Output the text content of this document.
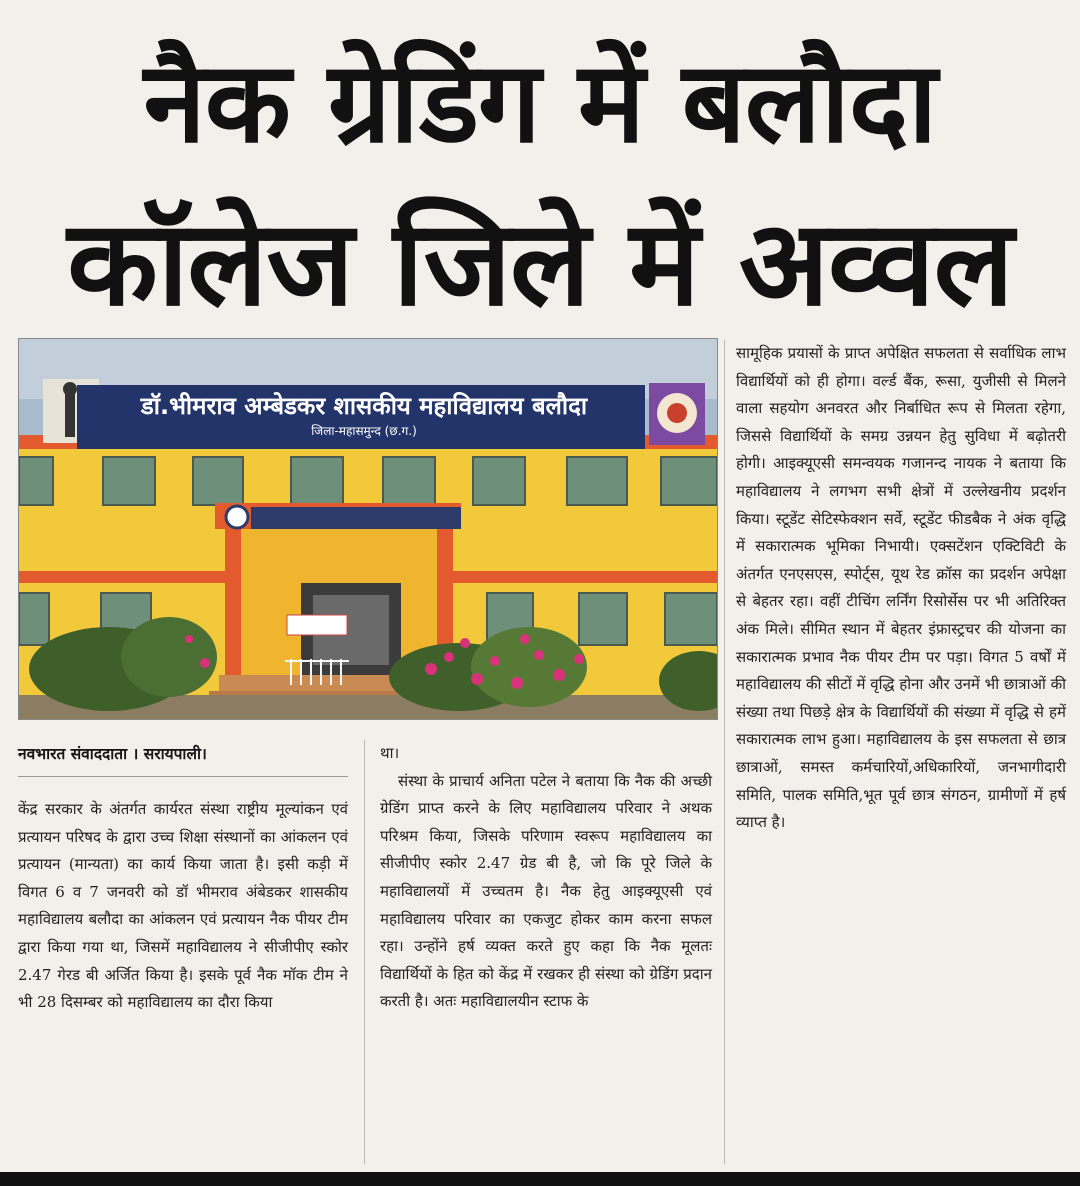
नैक ग्रेडिंग में बलौदा
कॉलेज जिले में अव्वल
डॉ.भीमराव अम्बेडकर शासकीय महाविद्यालय बलौदा
जिला-महासमुन्द (छ.ग.)

सामूहिक प्रयासों के प्राप्त अपेक्षित सफलता से सर्वाधिक लाभ विद्यार्थियों को ही होगा। वर्ल्ड बैंक, रूसा, युजीसी से मिलने वाला सहयोग अनवरत और निर्बाधित रूप से मिलता रहेगा, जिससे विद्यार्थियों के समग्र उन्नयन हेतु सुविधा में बढ़ोतरी होगी। आइक्यूएसी समन्वयक गजानन्द नायक ने बताया कि महाविद्यालय ने लगभग सभी क्षेत्रों में उल्लेखनीय प्रदर्शन किया। स्टूडेंट सेटिस्फेक्शन सर्वे, स्टूडेंट फीडबैक ने अंक वृद्धि में सकारात्मक भूमिका निभायी। एक्सटेंशन एक्टिविटी के अंतर्गत एनएसएस, स्पोर्ट्स, यूथ रेड क्रॉस का प्रदर्शन अपेक्षा से बेहतर रहा। वहीं टीचिंग लर्निंग रिसोर्सेस पर भी अतिरिक्त अंक मिले। सीमित स्थान में बेहतर इंफ्रास्ट्रचर की योजना का सकारात्मक प्रभाव नैक पीयर टीम पर पड़ा। विगत 5 वर्षों में महाविद्यालय की सीटों में वृद्धि होना और उनमें भी छात्राओं की संख्या तथा पिछड़े क्षेत्र के विद्यार्थियों की संख्या में वृद्धि से हमें सकारात्मक लाभ हुआ। महाविद्यालय के इस सफलता से छात्र छात्राओं, समस्त कर्मचारियों,अधिकारियों, जनभागीदारी समिति, पालक समिति,भूत पूर्व छात्र संगठन, ग्रामीणों में हर्ष व्याप्त है।

नवभारत संवाददाता । सरायपाली।

केंद्र सरकार के अंतर्गत कार्यरत संस्था राष्ट्रीय मूल्यांकन एवं प्रत्यायन परिषद के द्वारा उच्च शिक्षा संस्थानों का आंकलन एवं प्रत्यायन (मान्यता) का कार्य किया जाता है। इसी कड़ी में विगत 6 व 7 जनवरी को डॉ भीमराव अंबेडकर शासकीय महाविद्यालय बलौदा का आंकलन एवं प्रत्यायन नैक पीयर टीम द्वारा किया गया था, जिसमें महाविद्यालय ने सीजीपीए स्कोर 2.47 गेरड बी अर्जित किया है। इसके पूर्व नैक मॉक टीम ने भी 28 दिसम्बर को महाविद्यालय का दौरा किया

था।

संस्था के प्राचार्य अनिता पटेल ने बताया कि नैक की अच्छी ग्रेडिंग प्राप्त करने के लिए महाविद्यालय परिवार ने अथक परिश्रम किया, जिसके परिणाम स्वरूप महाविद्यालय का सीजीपीए स्कोर 2.47 ग्रेड बी है, जो कि पूरे जिले के महाविद्यालयों में उच्चतम है। नैक हेतु आइक्यूएसी एवं महाविद्यालय परिवार का एकजुट होकर काम करना सफल रहा। उन्होंने हर्ष व्यक्त करते हुए कहा कि नैक मूलतः विद्यार्थियों के हित को केंद्र में रखकर ही संस्था को ग्रेडिंग प्रदान करती है। अतः महाविद्यालयीन स्टाफ के
